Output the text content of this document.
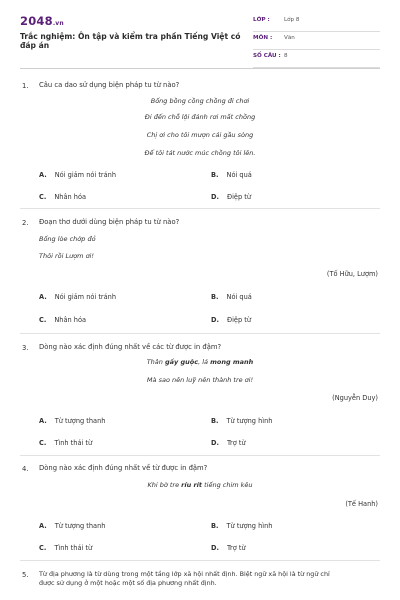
2048.vn
Trắc nghiệm: Ôn tập và kiểm tra phần Tiếng Việt có đáp án
LỚP :	Lớp 8
MÔN : Văn
SỐ CÂU : 8
1. Câu ca dao sử dụng biện pháp tu từ nào?
Bống bồng cồng chồng đi chơi
Đi đến chỗ lội đánh rơi mất chồng
Chị ơi cho tôi mượn cái gầu sòng
Để tôi tát nước múc chồng tôi lên.
A. Nói giảm nói tránh	B. Nói quá
C. Nhân hóa	D. Điệp từ
2. Đoạn thơ dưới dùng biện pháp tu từ nào?
Bống lòe chớp đỏ
Thôi rồi Lượm ơi!
(Tố Hữu, Lượm)
A. Nói giảm nói tránh	B. Nói quá
C. Nhân hóa	D. Điệp từ
3. Dòng nào xác định đúng nhất về các từ được in đậm?
Thân gầy guộc, lá mong manh
Mà sao nên luỹ nên thành tre ơi!
(Nguyễn Duy)
A. Từ tượng thanh	B. Từ tượng hình
C. Tình thái từ	D. Trợ từ
4. Dòng nào xác định đúng nhất về từ được in đậm?
Khi bờ tre ríu rít tiếng chim kêu
(Tế Hanh)
A. Từ tượng thanh	B. Từ tượng hình
C. Tình thái từ	D. Trợ từ
5. Từ địa phương là từ dùng trong một tầng lớp xã hội nhất định. Biệt ngữ xã hội là từ ngữ chỉ
được sử dụng ở một hoặc một số địa phương nhất định.
